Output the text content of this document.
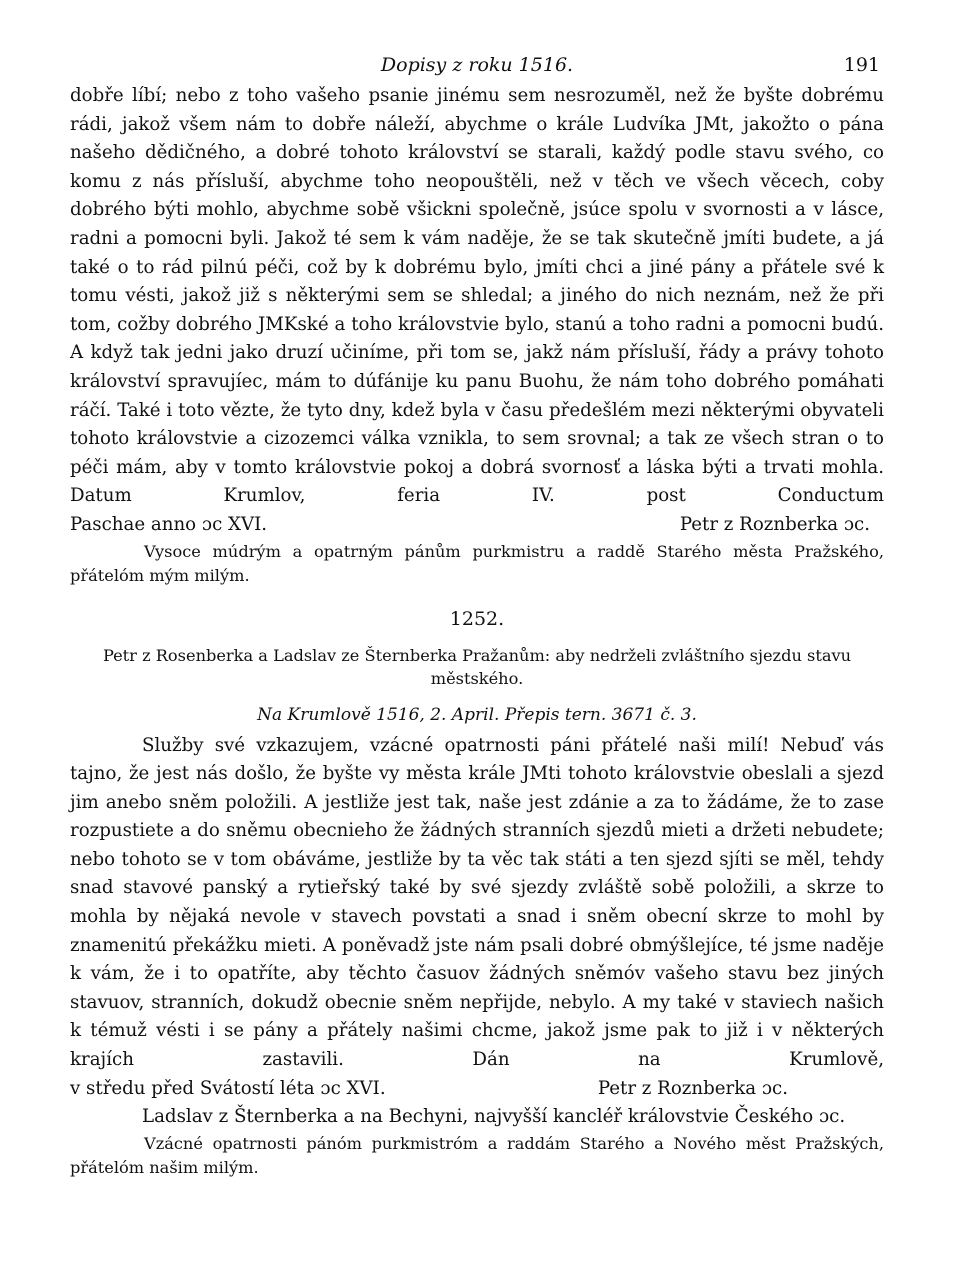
Dopisy z roku 1516.	191

dobře líbí; nebo z toho vašeho psanie jinému sem nesrozuměl, než že byšte dobrému rádi, jakož všem nám to dobře náleží, abychme o krále Ludvíka JMt, jakožto o pána našeho dědičného, a dobré tohoto království se starali, každý podle stavu svého, co komu z nás přísluší, abychme toho neopouštěli, než v těch ve všech věcech, coby dobrého býti mohlo, abychme sobě všickni společně, jsúce spolu v svornosti a v lásce, radni a pomocni byli. Jakož té sem k vám naděje, že se tak skutečně jmíti budete, a já také o to rád pilnú péči, což by k dobrému bylo, jmíti chci a jiné pány a přátele své k tomu vésti, jakož již s některými sem se shledal; a jiného do nich neznám, než že při tom, cožby dobrého JMKské a toho královstvie bylo, stanú a toho radni a pomocni budú. A když tak jedni jako druzí učiníme, při tom se, jakž nám přísluší, řády a právy tohoto království spravujíec, mám to dúfánije ku panu Buohu, že nám toho dobrého pomáhati ráčí. Také i toto vězte, že tyto dny, kdež byla v času předešlém mezi některými obyvateli tohoto královstvie a cizozemci válka vznikla, to sem srovnal; a tak ze všech stran o to péči mám, aby v tomto královstvie pokoj a dobrá svornosť a láska býti a trvati mohla. Datum Krumlov, feria IV. post Conductum

Paschae anno ɔc XVI.	Petr z Roznberka ɔc.

Vysoce múdrým a opatrným pánům purkmistru a raddě Starého města Pražského, přátelóm mým milým.

1252.

Petr z Rosenberka a Ladslav ze Šternberka Pražanům: aby nedrželi zvláštního sjezdu stavu městského.

Na Krumlově 1516, 2. April. Přepis tern. 3671 č. 3.

Služby své vzkazujem, vzácné opatrnosti páni přátelé naši milí! Nebuď vás tajno, že jest nás došlo, že byšte vy města krále JMti tohoto královstvie obeslali a sjezd jim anebo sněm položili. A jestliže jest tak, naše jest zdánie a za to žádáme, že to zase rozpustiete a do sněmu obecnieho že žádných stranních sjezdů mieti a držeti nebudete; nebo tohoto se v tom obáváme, jestliže by ta věc tak státi a ten sjezd sjíti se měl, tehdy snad stavové panský a rytieřský také by své sjezdy zvláště sobě položili, a skrze to mohla by nějaká nevole v stavech povstati a snad i sněm obecní skrze to mohl by znamenitú překážku mieti. A poněvadž jste nám psali dobré obmýšlejíce, té jsme naděje k vám, že i to opatříte, aby těchto časuov žádných sněmóv vašeho stavu bez jiných stavuov, stranních, dokudž obecnie sněm nepřijde, nebylo. A my také v staviech našich k témuž vésti i se pány a přátely našimi chcme, jakož jsme pak to již i v některých krajích zastavili. Dán na Krumlově,

v středu před Svátostí léta ɔc XVI.	Petr z Roznberka ɔc.

Ladslav z Šternberka a na Bechyni, najvyšší kancléř královstvie Českého ɔc.

Vzácné opatrnosti pánóm purkmistróm a raddám Starého a Nového měst Pražských, přátelóm našim milým.
